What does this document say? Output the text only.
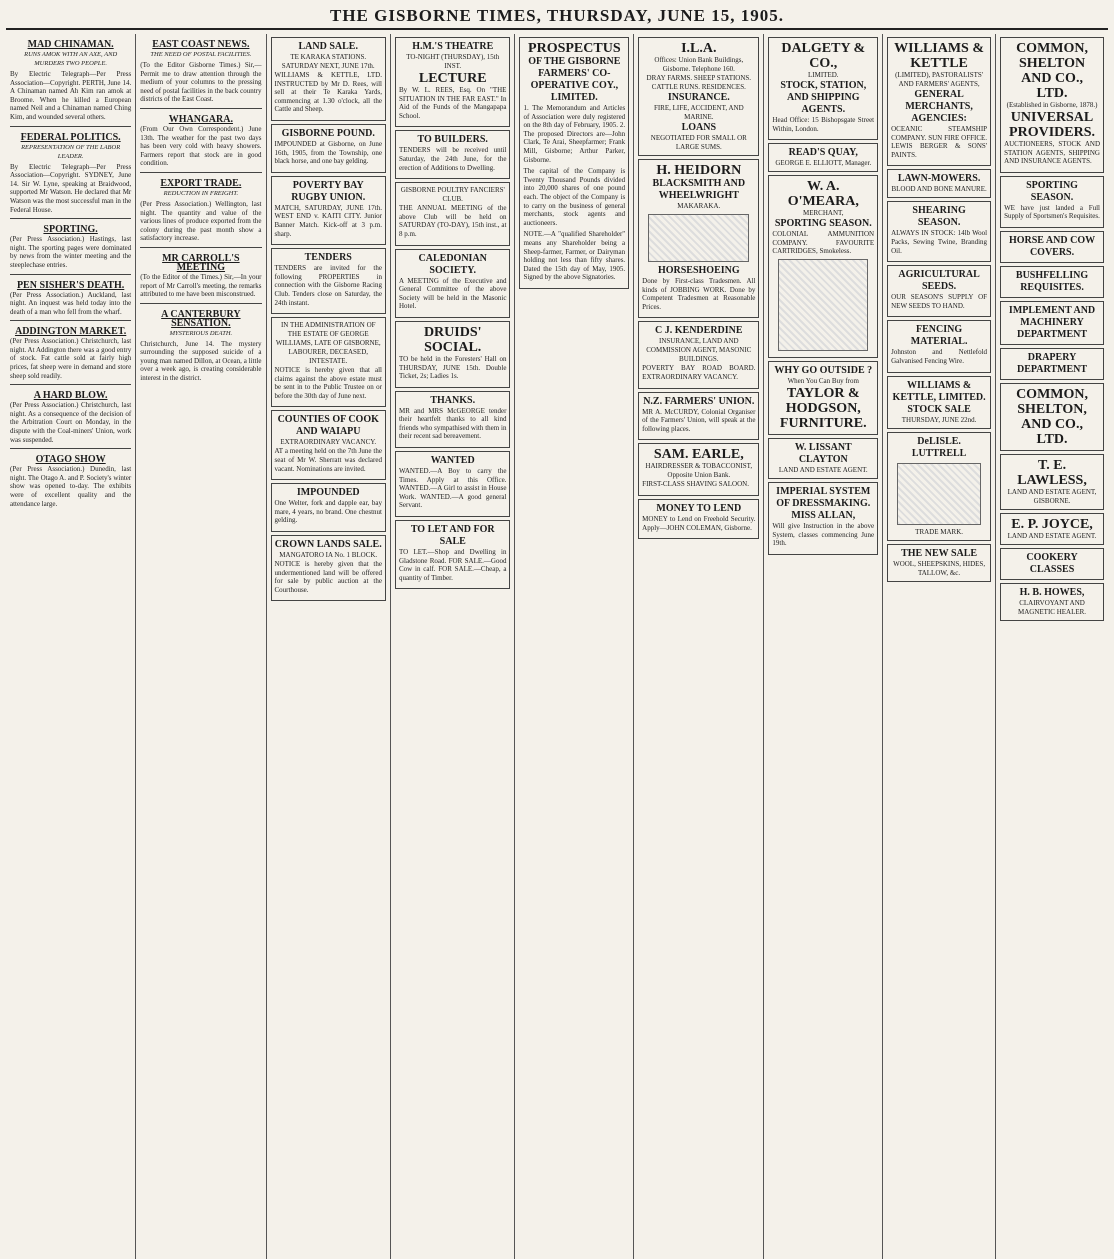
THE GISBORNE TIMES, THURSDAY, JUNE 15, 1905.
MAD CHINAMAN.
RUNS AMOK WITH AN AXE, AND MURDERS TWO PEOPLE.

By Electric Telegraph—Per Press Association—Copyright. PERTH, June 14. A Chinaman named Ah Kim ran amok at Broome. When he killed a European named Neil and a Chinaman named Ching Kim, and wounded several others.

FEDERAL POLITICS.
REPRESENTATION OF THE LABOR LEADER.

By Electric Telegraph—Per Press Association—Copyright. SYDNEY, June 14. Sir W. Lyne, speaking at Braidwood, supported Mr Watson. He declared that Mr Watson was the most successful man in the Federal House.

SPORTING.

(Per Press Association.) Hastings, last night. The sporting pages were dominated by news from the winter meeting and the steeplechase entries.

PEN SISHER'S DEATH.

(Per Press Association.) Auckland, last night. An inquest was held today into the death of a man who fell from the wharf.

ADDINGTON MARKET.

(Per Press Association.) Christchurch, last night. At Addington there was a good entry of stock. Fat cattle sold at fairly high prices, fat sheep were in demand and store sheep sold readily.

A HARD BLOW.

(Per Press Association.) Christchurch, last night. As a consequence of the decision of the Arbitration Court on Monday, in the dispute with the Coal-miners' Union, work was suspended.

OTAGO SHOW

(Per Press Association.) Dunedin, last night. The Otago A. and P. Society's winter show was opened to-day. The exhibits were of excellent quality and the attendance large.

EAST COAST NEWS.
THE NEED OF POSTAL FACILITIES.

(To the Editor Gisborne Times.) Sir,—Permit me to draw attention through the medium of your columns to the pressing need of postal facilities in the back country districts of the East Coast.

WHANGARA.

(From Our Own Correspondent.) June 13th. The weather for the past two days has been very cold with heavy showers. Farmers report that stock are in good condition.

EXPORT TRADE.
REDUCTION IN FREIGHT.

(Per Press Association.) Wellington, last night. The quantity and value of the various lines of produce exported from the colony during the past month show a satisfactory increase.

MR CARROLL'S MEETING

(To the Editor of the Times.) Sir,—In your report of Mr Carroll's meeting, the remarks attributed to me have been misconstrued.

A CANTERBURY SENSATION.
MYSTERIOUS DEATH.

Christchurch, June 14. The mystery surrounding the supposed suicide of a young man named Dillon, at Ocean, a little over a week ago, is creating considerable interest in the district.

LAND SALE.
TE KARAKA STATIONS. SATURDAY NEXT, JUNE 17th.

WILLIAMS & KETTLE, LTD. INSTRUCTED by Mr D. Rees, will sell at their Te Karaka Yards, commencing at 1.30 o'clock, all the Cattle and Sheep.

GISBORNE POUND.

IMPOUNDED at Gisborne, on June 16th, 1905, from the Township, one black horse, and one bay gelding.

POVERTY BAY RUGBY UNION.

MATCH, SATURDAY, JUNE 17th. WEST END v. KAITI CITY. Junior Banner Match. Kick-off at 3 p.m. sharp.

TENDERS

TENDERS are invited for the following PROPERTIES in connection with the Gisborne Racing Club. Tenders close on Saturday, the 24th instant.

IN THE ADMINISTRATION OF THE ESTATE OF GEORGE WILLIAMS, LATE OF GISBORNE, LABOURER, DECEASED, INTESTATE.

NOTICE is hereby given that all claims against the above estate must be sent in to the Public Trustee on or before the 30th day of June next.

COUNTIES OF COOK AND WAIAPU
EXTRAORDINARY VACANCY.

AT a meeting held on the 7th June the seat of Mr W. Sherratt was declared vacant. Nominations are invited.

IMPOUNDED

One Welter, fork and dapple ear, bay mare, 4 years, no brand. One chestnut gelding.

CROWN LANDS SALE.
MANGATORO IA No. 1 BLOCK.

NOTICE is hereby given that the undermentioned land will be offered for sale by public auction at the Courthouse.

H.M.'S THEATRE
TO-NIGHT (THURSDAY), 15th INST.
LECTURE

By W. L. REES, Esq. On "THE SITUATION IN THE FAR EAST." In Aid of the Funds of the Mangapapa School.

TO BUILDERS.

TENDERS will be received until Saturday, the 24th June, for the erection of Additions to Dwelling.

GISBORNE POULTRY FANCIERS' CLUB.

THE ANNUAL MEETING of the above Club will be held on SATURDAY (TO-DAY), 15th inst., at 8 p.m.

CALEDONIAN SOCIETY.

A MEETING of the Executive and General Committee of the above Society will be held in the Masonic Hotel.

DRUIDS' SOCIAL.

TO be held in the Foresters' Hall on THURSDAY, JUNE 15th. Double Ticket, 2s; Ladies 1s.

THANKS.

MR and MRS McGEORGE tender their heartfelt thanks to all kind friends who sympathised with them in their recent sad bereavement.

WANTED

WANTED.—A Boy to carry the Times. Apply at this Office. WANTED.—A Girl to assist in House Work. WANTED.—A good general Servant.

TO LET AND FOR SALE

TO LET.—Shop and Dwelling in Gladstone Road. FOR SALE.—Good Cow in calf. FOR SALE.—Cheap, a quantity of Timber.

PROSPECTUS
OF THE GISBORNE FARMERS' CO-OPERATIVE COY., LIMITED.

1. The Memorandum and Articles of Association were duly registered on the 8th day of February, 1905. 2. The proposed Directors are—John Clark, Te Arai, Sheepfarmer; Frank Mill, Gisborne; Arthur Parker, Gisborne.

The capital of the Company is Twenty Thousand Pounds divided into 20,000 shares of one pound each. The object of the Company is to carry on the business of general merchants, stock agents and auctioneers.

NOTE.—A "qualified Shareholder" means any Shareholder being a Sheep-farmer, Farmer, or Dairyman holding not less than fifty shares. Dated the 15th day of May, 1905. Signed by the above Signatories.

I.L.A.
Offices: Union Bank Buildings, Gisborne. Telephone 160.
DRAY FARMS. SHEEP STATIONS. CATTLE RUNS. RESIDENCES.
INSURANCE.
FIRE, LIFE, ACCIDENT, AND MARINE.
LOANS
NEGOTIATED FOR SMALL OR LARGE SUMS.
H. HEIDORN
BLACKSMITH AND WHEELWRIGHT
MAKARAKA.
HORSESHOEING

Done by First-class Tradesmen. All kinds of JOBBING WORK. Done by Competent Tradesmen at Reasonable Prices.

C J. KENDERDINE
INSURANCE, LAND AND COMMISSION AGENT, MASONIC BUILDINGS.

POVERTY BAY ROAD BOARD. EXTRAORDINARY VACANCY.

N.Z. FARMERS' UNION.

MR A. McCURDY, Colonial Organiser of the Farmers' Union, will speak at the following places.

SAM. EARLE,
HAIRDRESSER & TOBACCONIST, Opposite Union Bank.

FIRST-CLASS SHAVING SALOON.

MONEY TO LEND

MONEY to Lend on Freehold Security. Apply—JOHN COLEMAN, Gisborne.

DALGETY & CO.,
LIMITED.
STOCK, STATION, AND SHIPPING AGENTS.

Head Office: 15 Bishopsgate Street Within, London.

READ'S QUAY,
GEORGE E. ELLIOTT, Manager.
W. A. O'MEARA,
MERCHANT,
SPORTING SEASON.

COLONIAL AMMUNITION COMPANY. FAVOURITE CARTRIDGES, Smokeless.

WHY GO OUTSIDE ?
When You Can Buy from
TAYLOR & HODGSON,
FURNITURE.
W. LISSANT CLAYTON
LAND AND ESTATE AGENT.
IMPERIAL SYSTEM OF DRESSMAKING.
MISS ALLAN,

Will give Instruction in the above System, classes commencing June 19th.

WILLIAMS & KETTLE
(LIMITED), PASTORALISTS' AND FARMERS' AGENTS,
GENERAL MERCHANTS,
AGENCIES:

OCEANIC STEAMSHIP COMPANY. SUN FIRE OFFICE. LEWIS BERGER & SONS' PAINTS.

LAWN-MOWERS.
BLOOD AND BONE MANURE.
SHEARING SEASON.

ALWAYS IN STOCK: 14lb Wool Packs, Sewing Twine, Branding Oil.

AGRICULTURAL SEEDS.

OUR SEASON'S SUPPLY OF NEW SEEDS TO HAND.

FENCING MATERIAL.

Johnston and Nettlefold Galvanised Fencing Wire.

WILLIAMS & KETTLE, LIMITED.
STOCK SALE
THURSDAY, JUNE 22nd.
DeLISLE. LUTTRELL
TRADE MARK.
THE NEW SALE
WOOL, SHEEPSKINS, HIDES, TALLOW, &c.
COMMON, SHELTON AND CO., LTD.
(Established in Gisborne, 1878.)
UNIVERSAL PROVIDERS.

AUCTIONEERS, STOCK AND STATION AGENTS, SHIPPING AND INSURANCE AGENTS.

SPORTING SEASON.

WE have just landed a Full Supply of Sportsmen's Requisites.

HORSE AND COW COVERS.
BUSHFELLING REQUISITES.
IMPLEMENT AND MACHINERY DEPARTMENT
DRAPERY DEPARTMENT
COMMON, SHELTON, AND CO., LTD.
T. E. LAWLESS,
LAND AND ESTATE AGENT, GISBORNE.
E. P. JOYCE,
LAND AND ESTATE AGENT.
COOKERY CLASSES
H. B. HOWES,
CLAIRVOYANT AND MAGNETIC HEALER.
